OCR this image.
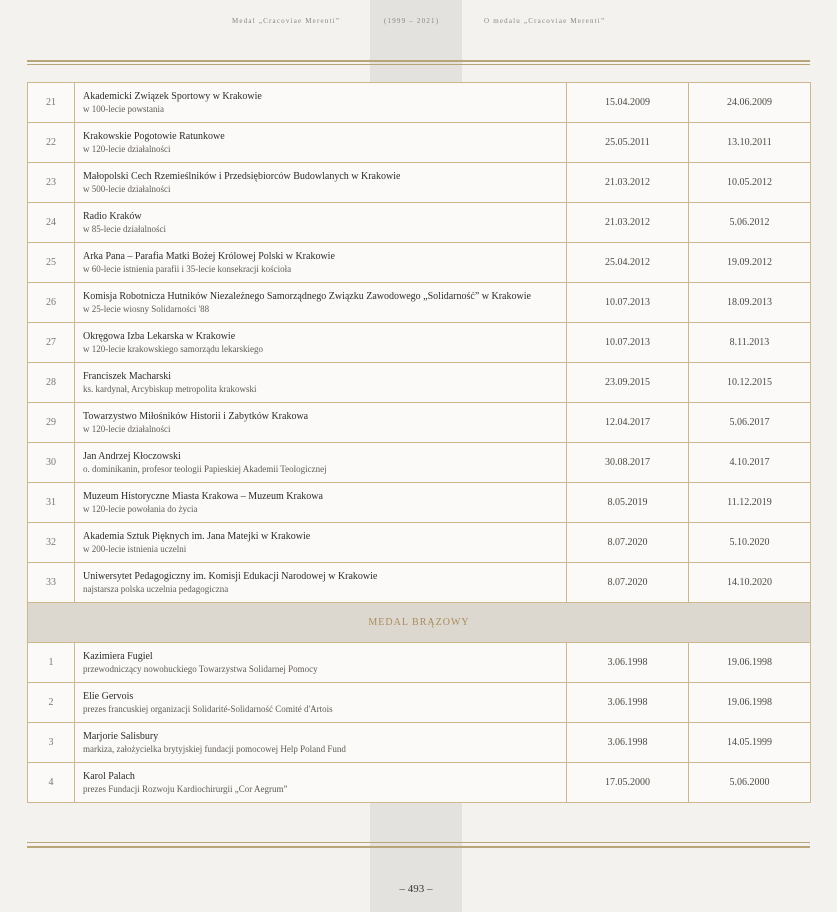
Medal „Cracoviae Merenti”	(1999 – 2021)	O medalu „Cracoviae Merenti”
21	Akademicki Związek Sportowy w Krakowie
w 100-lecie powstania	15.04.2009	24.06.2009
22	Krakowskie Pogotowie Ratunkowe
w 120-lecie działalności	25.05.2011	13.10.2011
23	Małopolski Cech Rzemieślników i Przedsiębiorców Budowlanych w Krakowie
w 500-lecie działalności	21.03.2012	10.05.2012
24	Radio Kraków
w 85-lecie działalności	21.03.2012	5.06.2012
25	Arka Pana – Parafia Matki Bożej Królowej Polski w Krakowie
w 60-lecie istnienia parafii i 35-lecie konsekracji kościoła	25.04.2012	19.09.2012
26	Komisja Robotnicza Hutników Niezależnego Samorządnego Związku Zawodowego „Solidarność” w Krakowie
w 25-lecie wiosny Solidarności '88	10.07.2013	18.09.2013
27	Okręgowa Izba Lekarska w Krakowie
w 120-lecie krakowskiego samorządu lekarskiego	10.07.2013	8.11.2013
28	Franciszek Macharski
ks. kardynał, Arcybiskup metropolita krakowski	23.09.2015	10.12.2015
29	Towarzystwo Miłośników Historii i Zabytków Krakowa
w 120-lecie działalności	12.04.2017	5.06.2017
30	Jan Andrzej Kłoczowski
o. dominikanin, profesor teologii Papieskiej Akademii Teologicznej	30.08.2017	4.10.2017
31	Muzeum Historyczne Miasta Krakowa – Muzeum Krakowa
w 120-lecie powołania do życia	8.05.2019	11.12.2019
32	Akademia Sztuk Pięknych im. Jana Matejki w Krakowie
w 200-lecie istnienia uczelni	8.07.2020	5.10.2020
33	Uniwersytet Pedagogiczny im. Komisji Edukacji Narodowej w Krakowie
najstarsza polska uczelnia pedagogiczna	8.07.2020	14.10.2020
MEDAL BRĄZOWY			
1	Kazimiera Fugiel
przewodniczący nowohuckiego Towarzystwa Solidarnej Pomocy	3.06.1998	19.06.1998
2	Elie Gervois
prezes francuskiej organizacji Solidarité-Solidarność Comité d'Artois	3.06.1998	19.06.1998
3	Marjorie Salisbury
markiza, założycielka brytyjskiej fundacji pomocowej Help Poland Fund	3.06.1998	14.05.1999
4	Karol Palach
prezes Fundacji Rozwoju Kardiochirurgii „Cor Aegrum”	17.05.2000	5.06.2000
– 493 –
